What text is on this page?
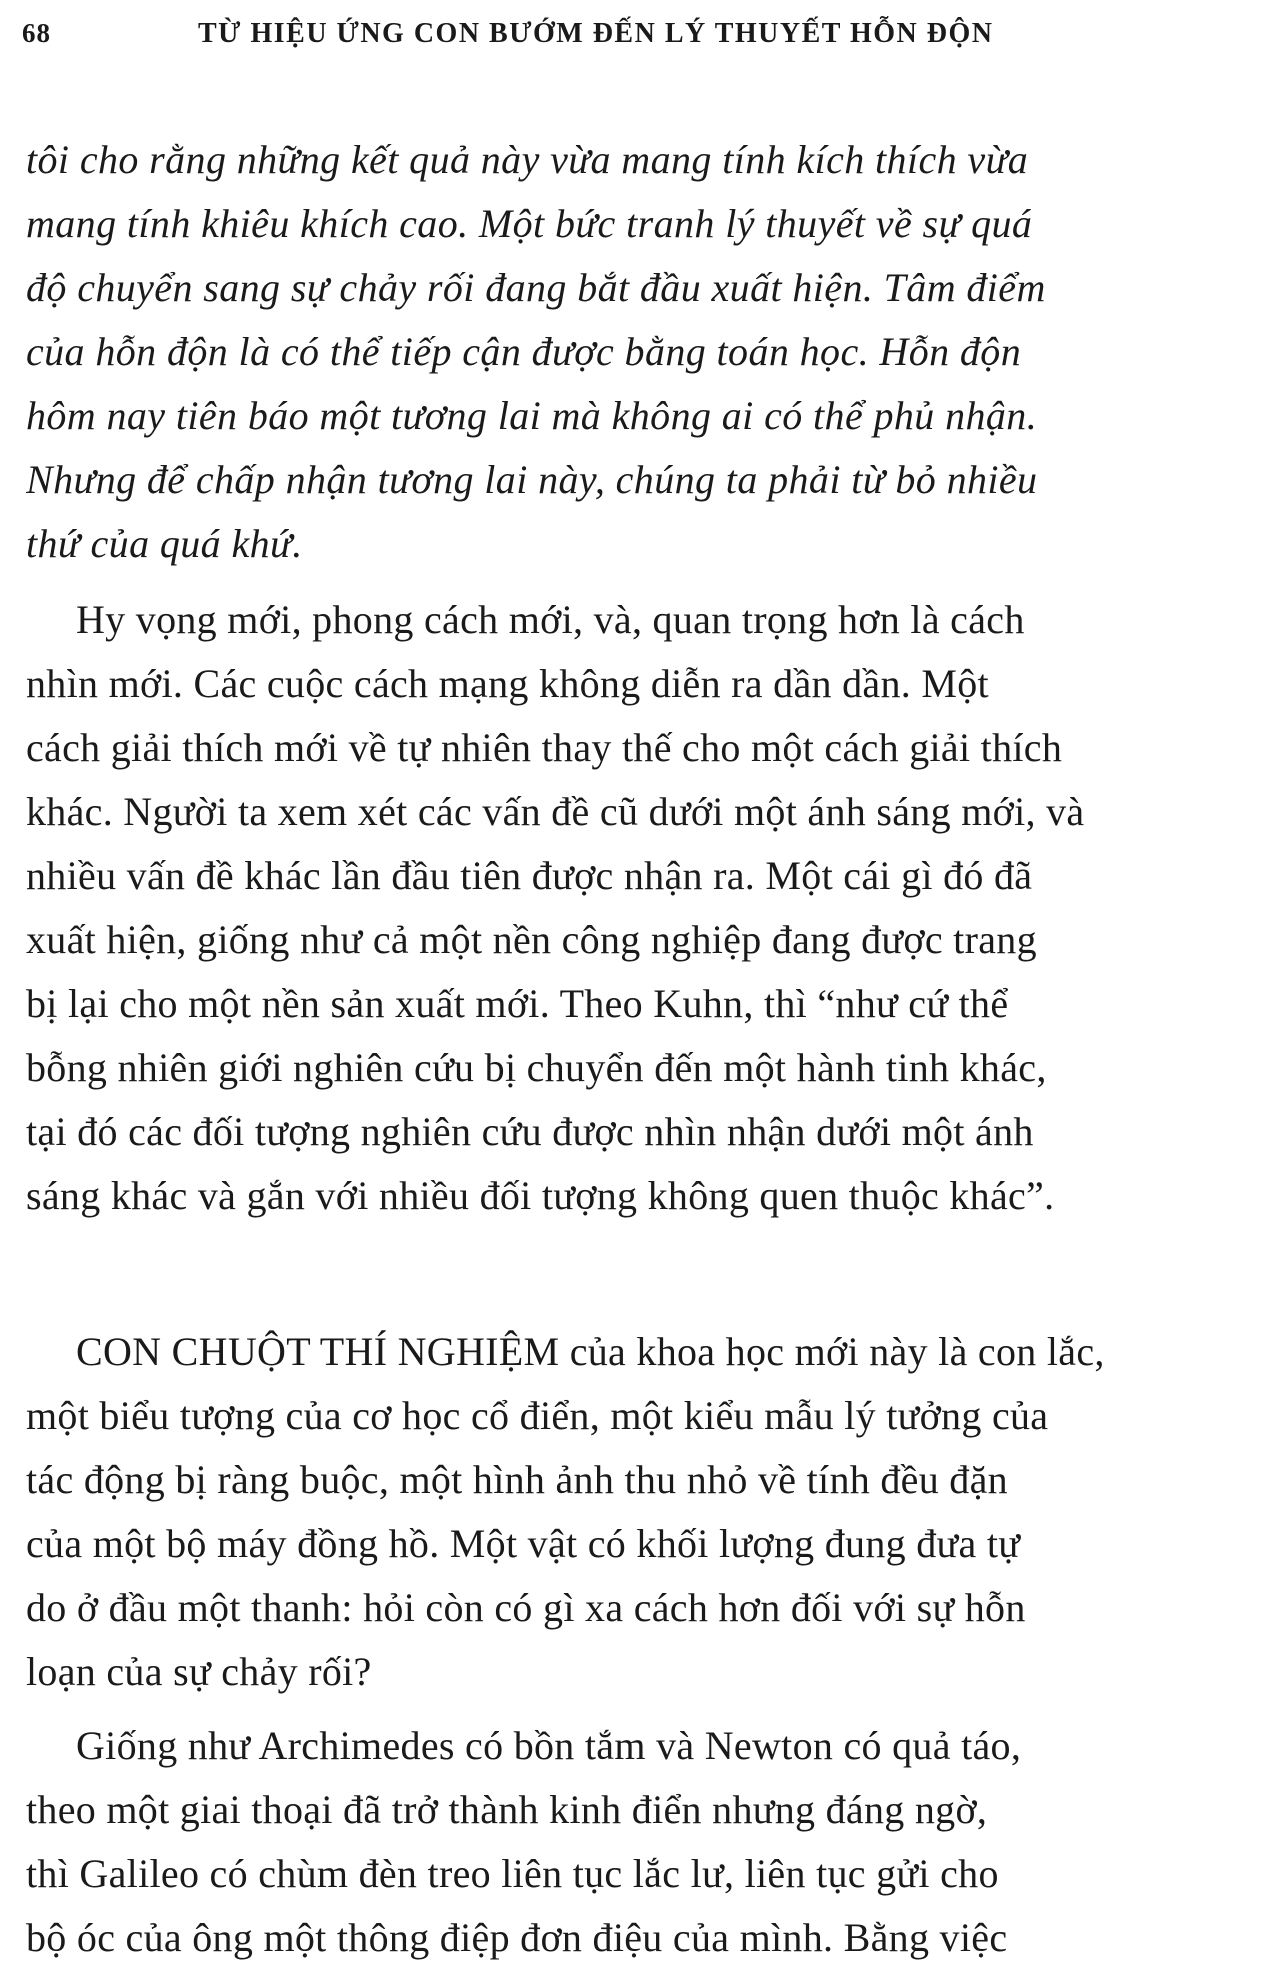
68	TỪ HIỆU ỨNG CON BƯỚM ĐẾN LÝ THUYẾT HỖN ĐỘN
tôi cho rằng những kết quả này vừa mang tính kích thích vừa
mang tính khiêu khích cao. Một bức tranh lý thuyết về sự quá
độ chuyển sang sự chảy rối đang bắt đầu xuất hiện. Tâm điểm
của hỗn độn là có thể tiếp cận được bằng toán học. Hỗn độn
hôm nay tiên báo một tương lai mà không ai có thể phủ nhận.
Nhưng để chấp nhận tương lai này, chúng ta phải từ bỏ nhiều
thứ của quá khứ.
Hy vọng mới, phong cách mới, và, quan trọng hơn là cách
nhìn mới. Các cuộc cách mạng không diễn ra dần dần. Một
cách giải thích mới về tự nhiên thay thế cho một cách giải thích
khác. Người ta xem xét các vấn đề cũ dưới một ánh sáng mới, và
nhiều vấn đề khác lần đầu tiên được nhận ra. Một cái gì đó đã
xuất hiện, giống như cả một nền công nghiệp đang được trang
bị lại cho một nền sản xuất mới. Theo Kuhn, thì “như cứ thể
bỗng nhiên giới nghiên cứu bị chuyển đến một hành tinh khác,
tại đó các đối tượng nghiên cứu được nhìn nhận dưới một ánh
sáng khác và gắn với nhiều đối tượng không quen thuộc khác”.
CON CHUỘT THÍ NGHIỆM của khoa học mới này là con lắc,
một biểu tượng của cơ học cổ điển, một kiểu mẫu lý tưởng của
tác động bị ràng buộc, một hình ảnh thu nhỏ về tính đều đặn
của một bộ máy đồng hồ. Một vật có khối lượng đung đưa tự
do ở đầu một thanh: hỏi còn có gì xa cách hơn đối với sự hỗn
loạn của sự chảy rối?
Giống như Archimedes có bồn tắm và Newton có quả táo,
theo một giai thoại đã trở thành kinh điển nhưng đáng ngờ,
thì Galileo có chùm đèn treo liên tục lắc lư, liên tục gửi cho
bộ óc của ông một thông điệp đơn điệu của mình. Bằng việc
